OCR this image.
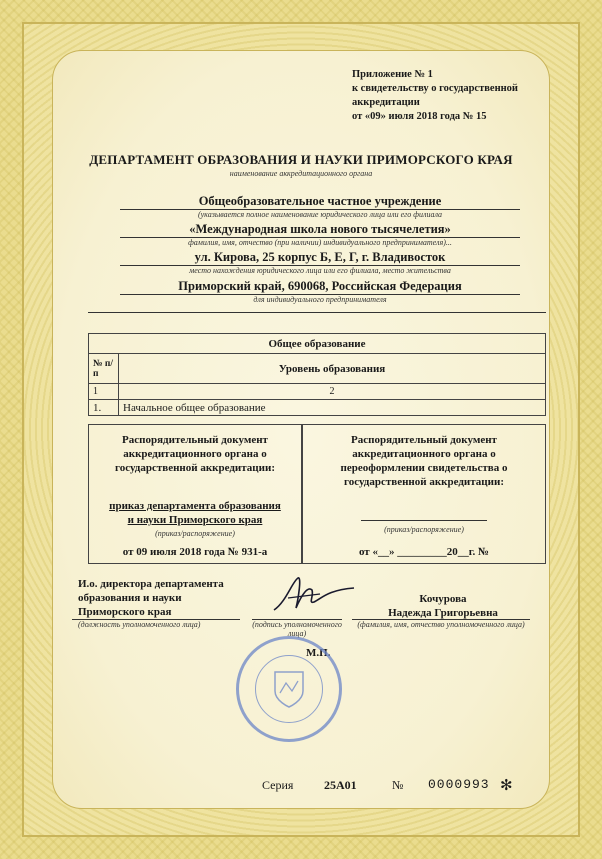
Приложение № 1
к свидетельству о государственной
аккредитации
от «09» июля 2018 года № 15
ДЕПАРТАМЕНТ ОБРАЗОВАНИЯ И НАУКИ ПРИМОРСКОГО КРАЯ
наименование аккредитационного органа
Общеобразовательное частное учреждение
(указывается полное наименование юридического лица или его филиала
«Международная школа нового тысячелетия»
фамилия, имя, отчество (при наличии) индивидуального предпринимателя)...
ул. Кирова, 25 корпус Б, Е, Г, г. Владивосток
место нахождения юридического лица или его филиала, место жительства
Приморский край, 690068, Российская Федерация
для индивидуального предпринимателя
Общее образование	
№ п/п	Уровень образования
1	2
1.	Начальное общее образование
Распорядительный документ аккредитационного органа о государственной аккредитации:
приказ департамента образования и науки Приморского края
(приказ/распоряжение)
от 09 июля 2018 года № 931-а
Распорядительный документ аккредитационного органа о переоформлении свидетельства о государственной аккредитации:
(приказ/распоряжение)
от «__» _________20__г. №
И.о. директора департамента образования и науки Приморского края
(должность уполномоченного лица)	(подпись уполномоченного лица)
Кочурова
Надежда Григорьевна
(фамилия, имя, отчество уполномоченного лица)
М.П.
Серия	25А01	№ 0000993 ✻
